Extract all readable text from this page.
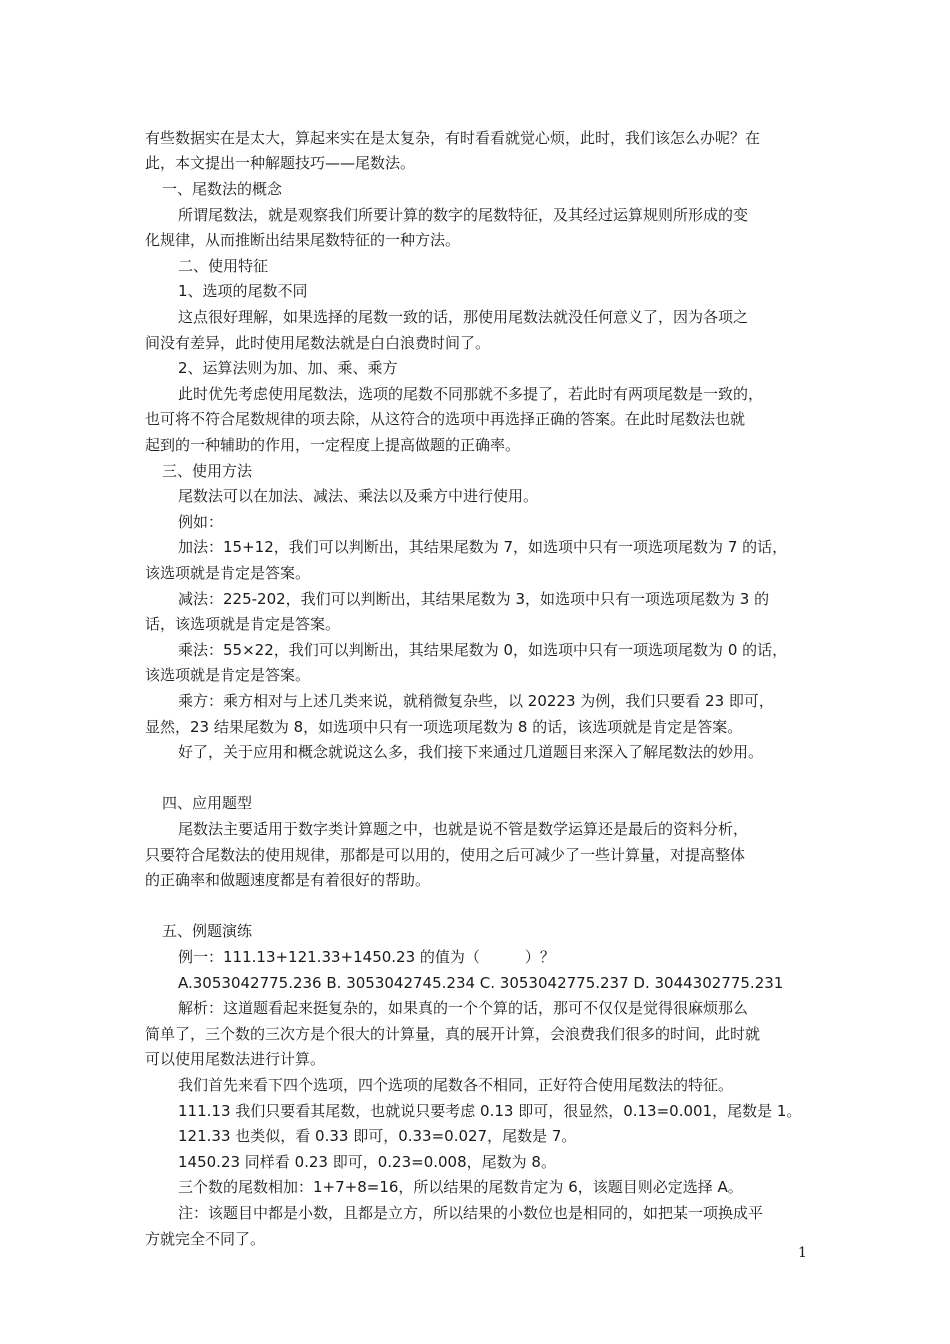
有些数据实在是太大，算起来实在是太复杂，有时看看就觉心烦，此时，我们该怎么办呢？在
此，本文提出一种解题技巧——尾数法。
一、尾数法的概念
所谓尾数法，就是观察我们所要计算的数字的尾数特征，及其经过运算规则所形成的变
化规律，从而推断出结果尾数特征的一种方法。
二、使用特征
1、选项的尾数不同
这点很好理解，如果选择的尾数一致的话，那使用尾数法就没任何意义了，因为各项之
间没有差异，此时使用尾数法就是白白浪费时间了。
2、运算法则为加、加、乘、乘方
此时优先考虑使用尾数法，选项的尾数不同那就不多提了，若此时有两项尾数是一致的，
也可将不符合尾数规律的项去除，从这符合的选项中再选择正确的答案。在此时尾数法也就
起到的一种辅助的作用，一定程度上提高做题的正确率。
三、使用方法
尾数法可以在加法、减法、乘法以及乘方中进行使用。
例如：
加法：15+12，我们可以判断出，其结果尾数为 7，如选项中只有一项选项尾数为 7 的话，
该选项就是肯定是答案。
减法：225-202，我们可以判断出，其结果尾数为 3，如选项中只有一项选项尾数为 3 的
话，该选项就是肯定是答案。
乘法：55×22，我们可以判断出，其结果尾数为 0，如选项中只有一项选项尾数为 0 的话，
该选项就是肯定是答案。
乘方：乘方相对与上述几类来说，就稍微复杂些，以 20223 为例，我们只要看 23 即可，
显然，23 结果尾数为 8，如选项中只有一项选项尾数为 8 的话，该选项就是肯定是答案。
好了，关于应用和概念就说这么多，我们接下来通过几道题目来深入了解尾数法的妙用。
四、应用题型
尾数法主要适用于数字类计算题之中，也就是说不管是数学运算还是最后的资料分析，
只要符合尾数法的使用规律，那都是可以用的，使用之后可减少了一些计算量，对提高整体
的正确率和做题速度都是有着很好的帮助。
五、例题演练
例一：111.13+121.33+1450.23 的值为（　　　）？
A.3053042775.236 B. 3053042745.234 C. 3053042775.237 D. 3044302775.231
解析：这道题看起来挺复杂的，如果真的一个个算的话，那可不仅仅是觉得很麻烦那么
简单了，三个数的三次方是个很大的计算量，真的展开计算，会浪费我们很多的时间，此时就
可以使用尾数法进行计算。
我们首先来看下四个选项，四个选项的尾数各不相同，正好符合使用尾数法的特征。
111.13 我们只要看其尾数，也就说只要考虑 0.13 即可，很显然，0.13=0.001，尾数是 1。
121.33 也类似，看 0.33 即可，0.33=0.027，尾数是 7。
1450.23 同样看 0.23 即可，0.23=0.008，尾数为 8。
三个数的尾数相加：1+7+8=16，所以结果的尾数肯定为 6，该题目则必定选择 A。
注：该题目中都是小数，且都是立方，所以结果的小数位也是相同的，如把某一项换成平
方就完全不同了。
1
